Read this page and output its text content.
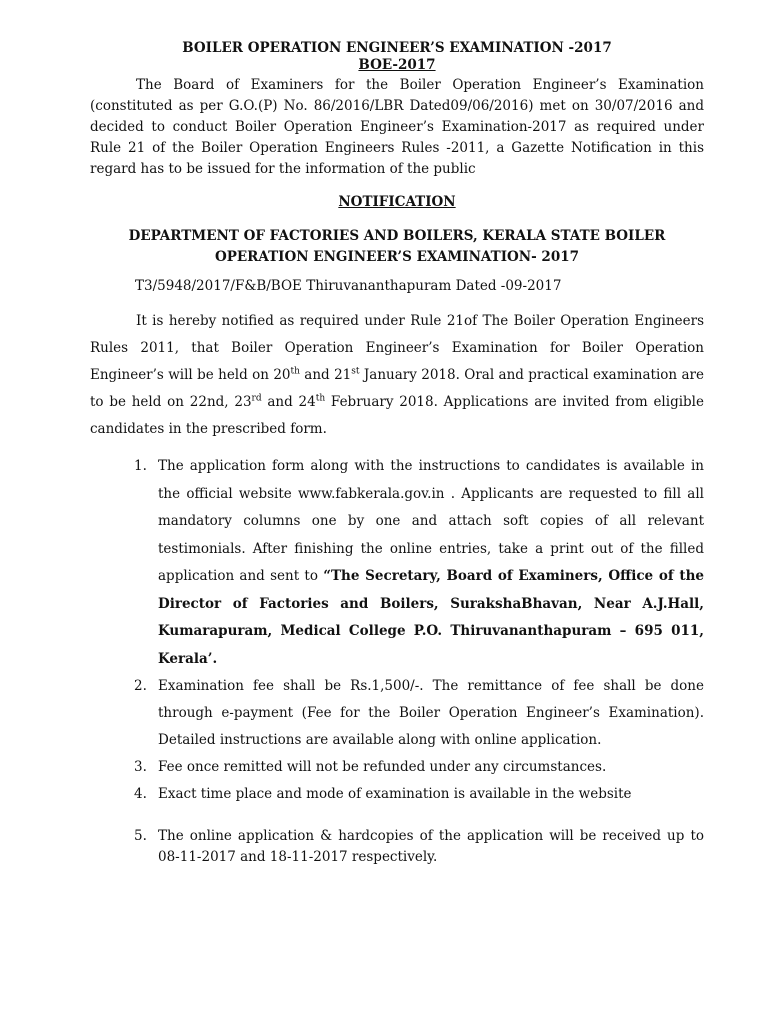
BOILER OPERATION ENGINEER’S EXAMINATION -2017
BOE-2017
The Board of Examiners for the Boiler Operation Engineer’s Examination (constituted as per G.O.(P) No. 86/2016/LBR Dated09/06/2016) met on 30/07/2016 and decided to conduct Boiler Operation Engineer’s Examination-2017 as required under Rule 21 of the Boiler Operation Engineers Rules -2011, a Gazette Notification in this regard has to be issued for the information of the public
NOTIFICATION
DEPARTMENT OF FACTORIES AND BOILERS, KERALA STATE BOILER
OPERATION ENGINEER’S EXAMINATION- 2017
T3/5948/2017/F&B/BOE Thiruvananthapuram Dated -09-2017
It is hereby notified as required under Rule 21of The Boiler Operation Engineers Rules 2011, that Boiler Operation Engineer’s Examination for Boiler Operation Engineer’s will be held on 20th and 21st January 2018. Oral and practical examination are to be held on 22nd, 23rd and 24th February 2018. Applications are invited from eligible candidates in the prescribed form.
1. The application form along with the instructions to candidates is available in the official website www.fabkerala.gov.in . Applicants are requested to fill all mandatory columns one by one and attach soft copies of all relevant testimonials. After finishing the online entries, take a print out of the filled application and sent to “The Secretary, Board of Examiners, Office of the Director of Factories and Boilers, SurakshaBhavan, Near A.J.Hall, Kumarapuram, Medical College P.O. Thiruvananthapuram – 695 011, Kerala’.
2. Examination fee shall be Rs.1,500/-. The remittance of fee shall be done through e-payment (Fee for the Boiler Operation Engineer’s Examination). Detailed instructions are available along with online application.
3. Fee once remitted will not be refunded under any circumstances.
4. Exact time place and mode of examination is available in the website
5. The online application & hardcopies of the application will be received up to 08-11-2017 and 18-11-2017 respectively.
